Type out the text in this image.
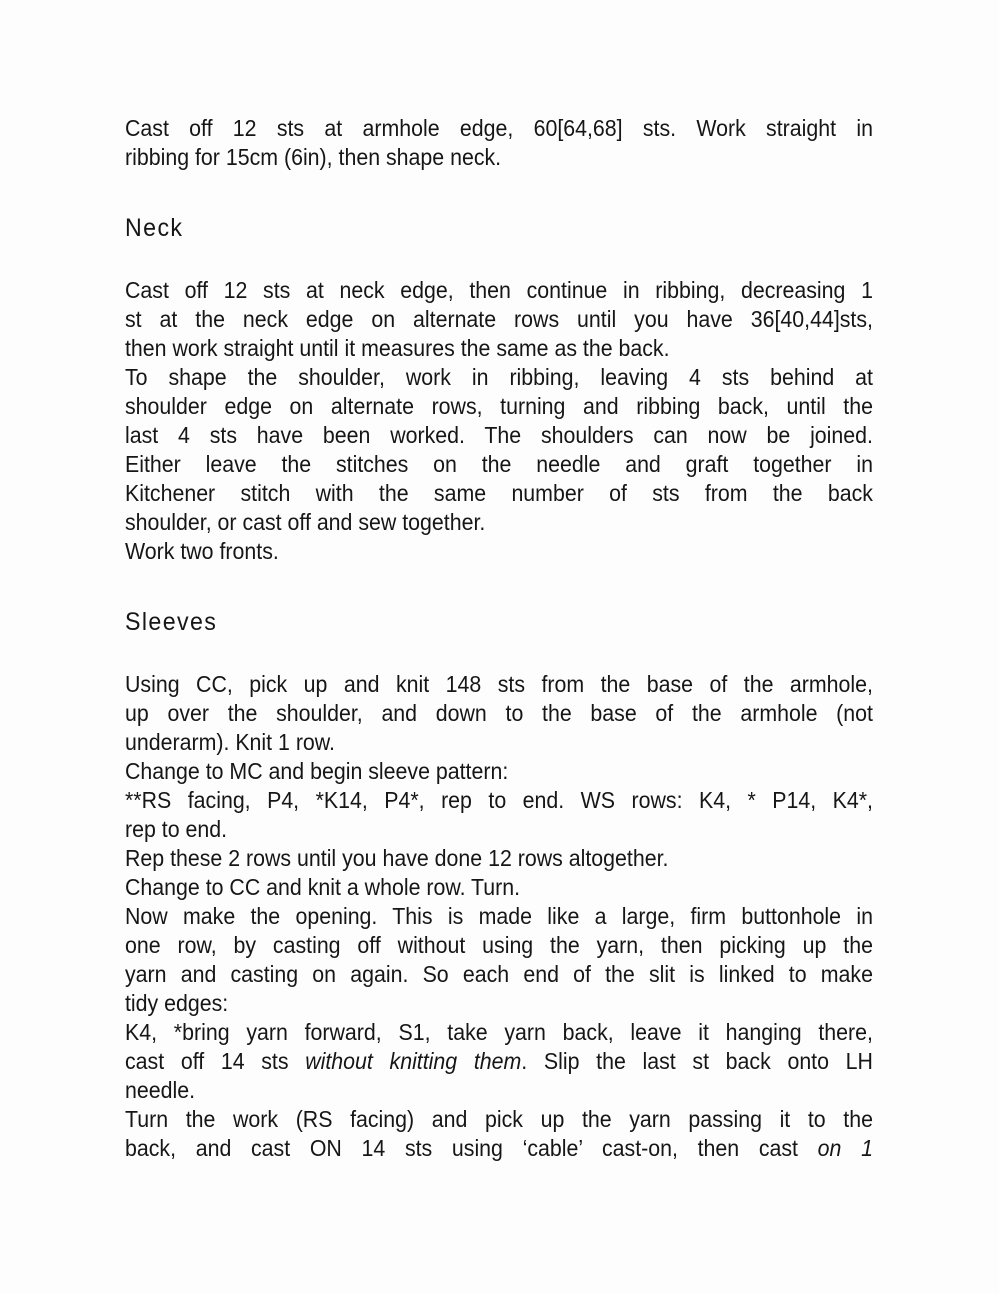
Cast off 12 sts at armhole edge, 60[64,68] sts. Work straight in
ribbing for 15cm (6in), then shape neck.

Neck

Cast off 12 sts at neck edge, then continue in ribbing, decreasing 1
st at the neck edge on alternate rows until you have 36[40,44]sts,
then work straight until it measures the same as the back.

To shape the shoulder, work in ribbing, leaving 4 sts behind at
shoulder edge on alternate rows, turning and ribbing back, until the
last 4 sts have been worked. The shoulders can now be joined.
Either leave the stitches on the needle and graft together in
Kitchener stitch with the same number of sts from the back
shoulder, or cast off and sew together.

Work two fronts.

Sleeves

Using CC, pick up and knit 148 sts from the base of the armhole,
up over the shoulder, and down to the base of the armhole (not
underarm). Knit 1 row.

Change to MC and begin sleeve pattern:

**RS facing, P4, *K14, P4*, rep to end. WS rows: K4, * P14, K4*,
rep to end.

Rep these 2 rows until you have done 12 rows altogether.

Change to CC and knit a whole row. Turn.

Now make the opening. This is made like a large, firm buttonhole in
one row, by casting off without using the yarn, then picking up the
yarn and casting on again. So each end of the slit is linked to make
tidy edges:

K4, *bring yarn forward, S1, take yarn back, leave it hanging there,
cast off 14 sts without knitting them. Slip the last st back onto LH
needle.

Turn the work (RS facing) and pick up the yarn passing it to the
back, and cast ON 14 sts using ‘cable’ cast-on, then cast on 1
